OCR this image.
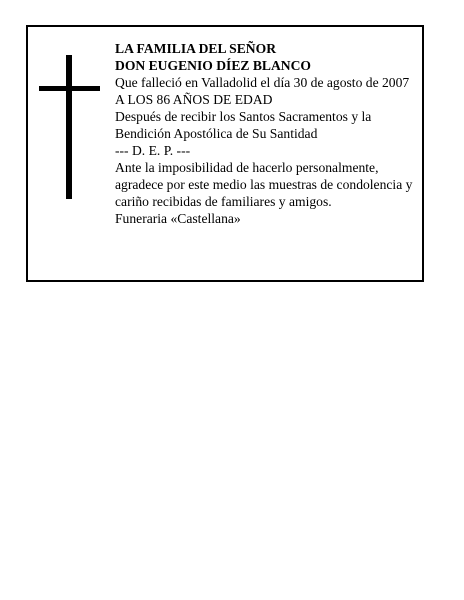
LA FAMILIA DEL SEÑOR
DON EUGENIO DÍEZ BLANCO
Que falleció en Valladolid el día 30 de agosto de 2007
A LOS 86 AÑOS DE EDAD
Después de recibir los Santos Sacramentos y la
Bendición Apostólica de Su Santidad
--- D. E. P. ---
Ante la imposibilidad de hacerlo personalmente,
agradece por este medio las muestras de condolencia y
cariño recibidas de familiares y amigos.
Funeraria «Castellana»
